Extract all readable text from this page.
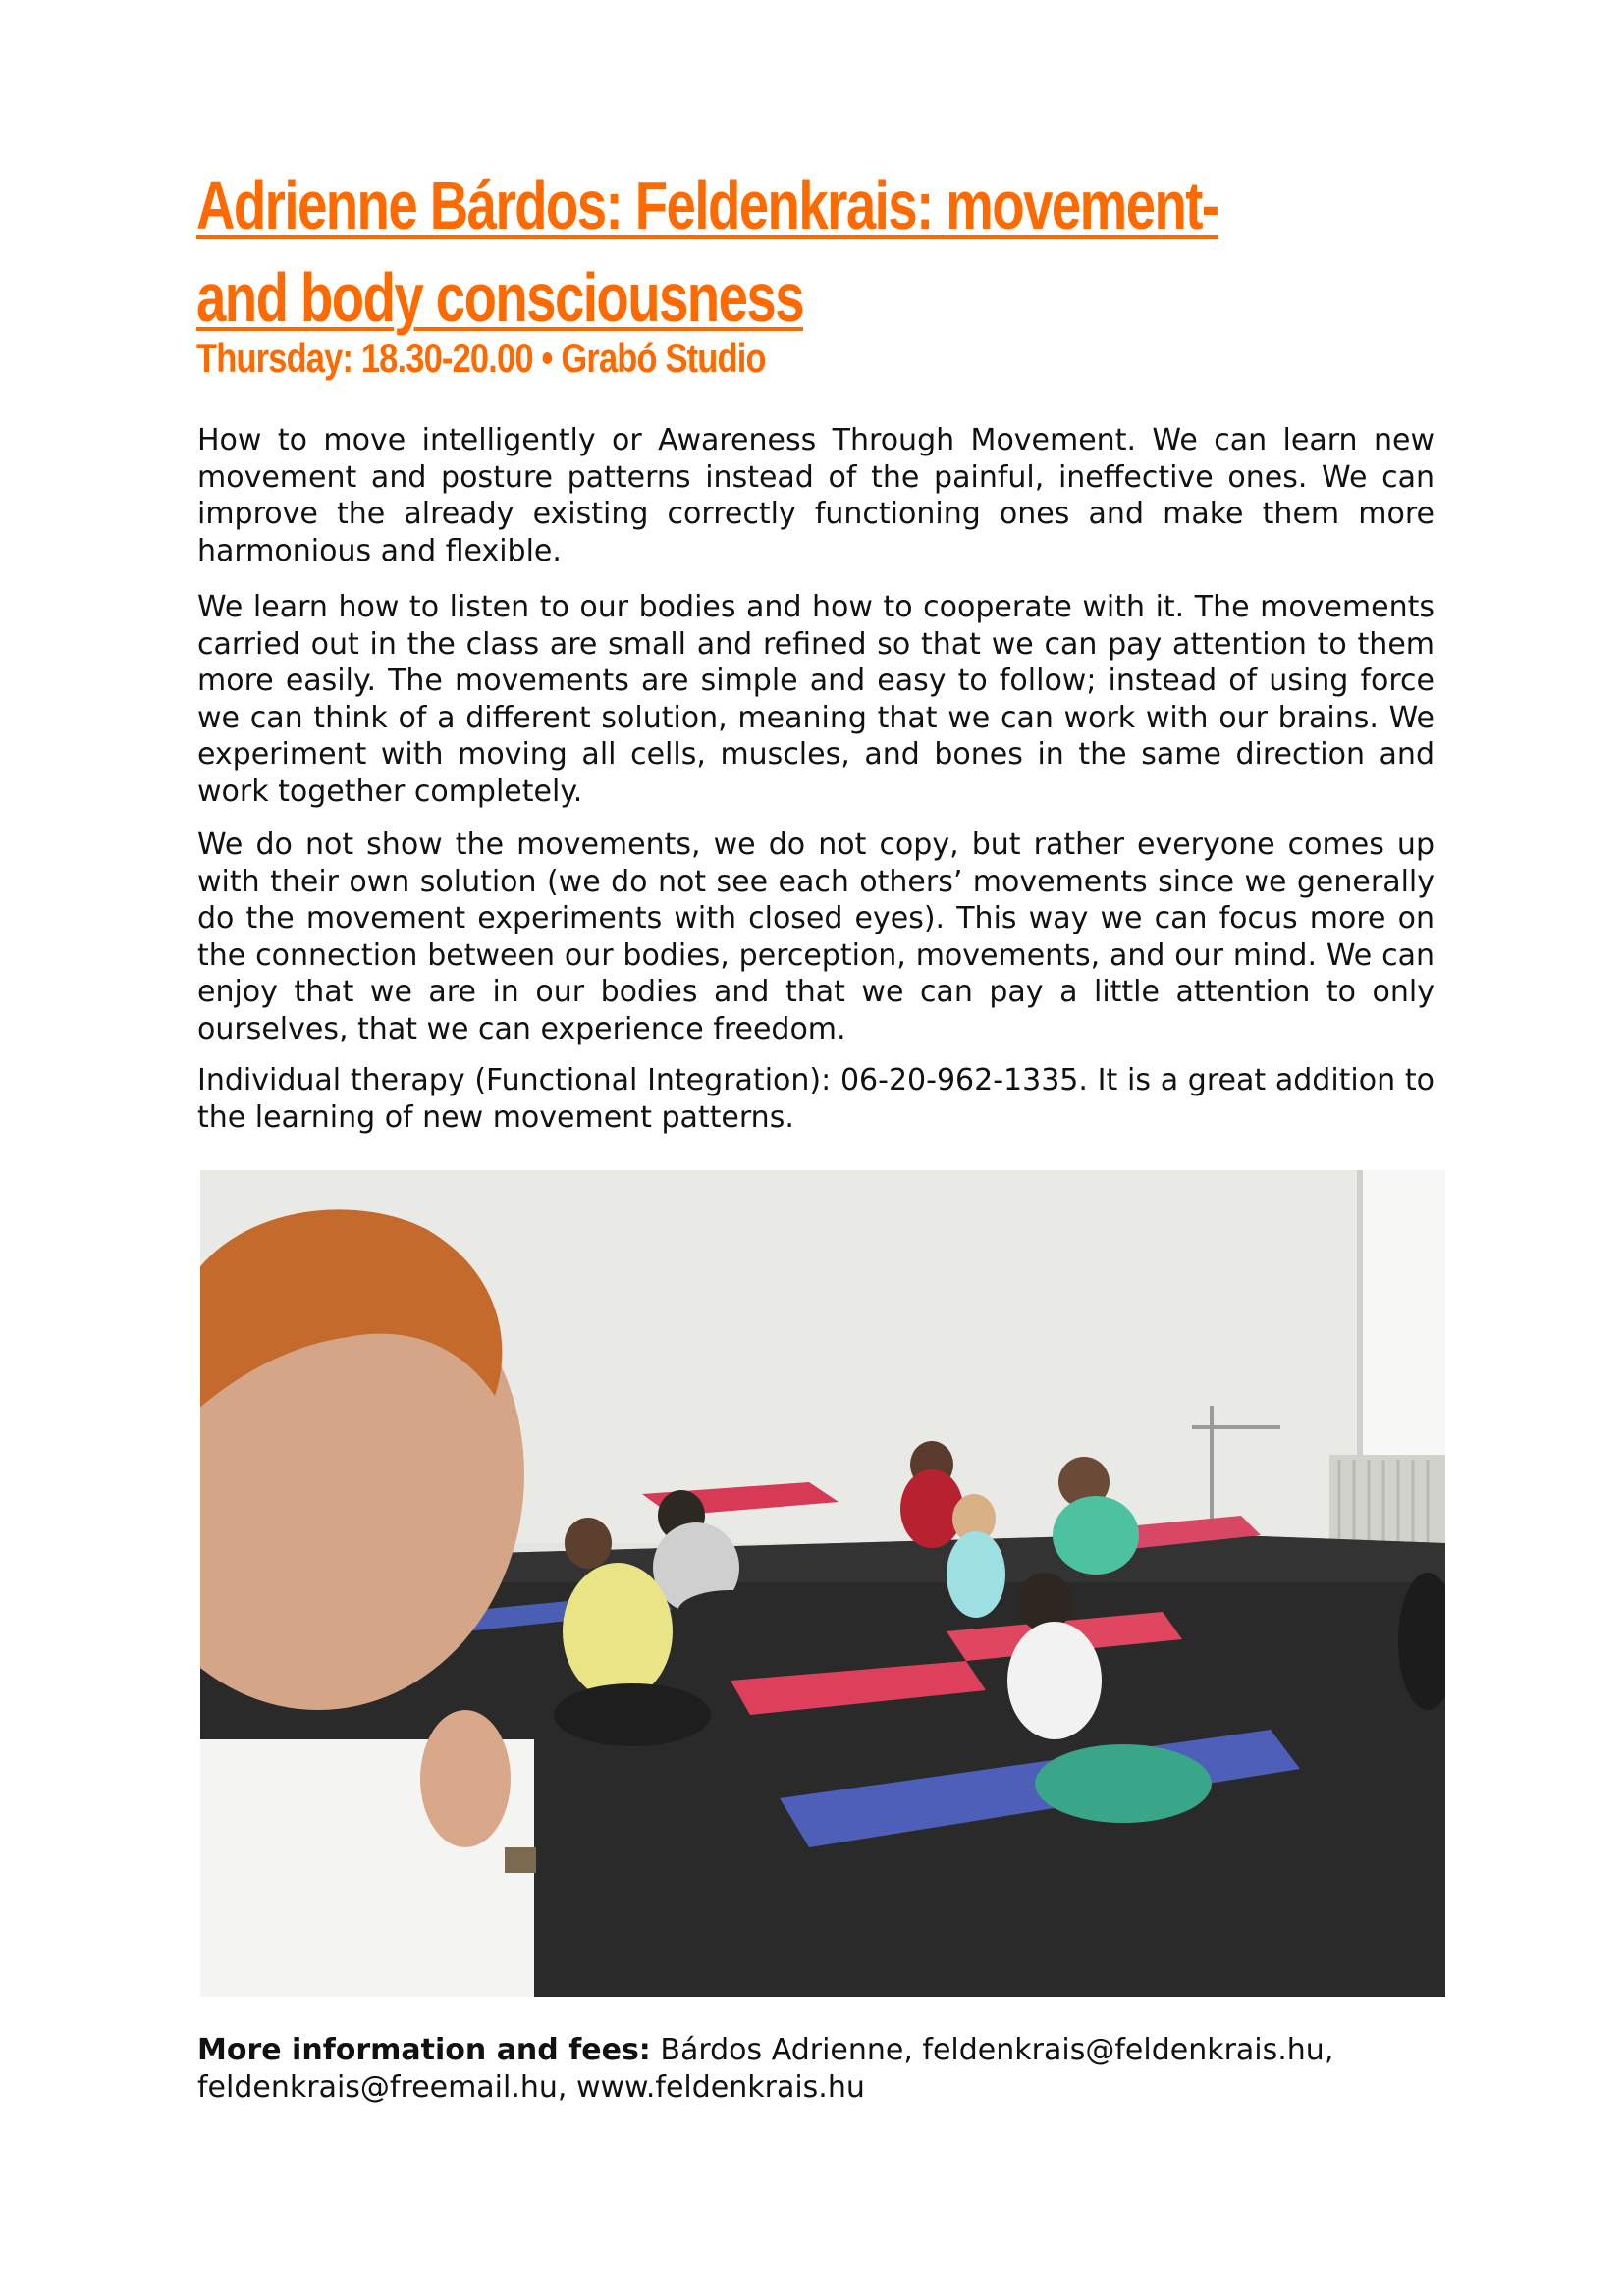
Adrienne Bárdos: Feldenkrais: movement-
and body consciousness
Thursday: 18.30-20.00 • Grabó Studio

How to move intelligently or Awareness Through Movement. We can learn new movement and posture patterns instead of the painful, ineffective ones. We can improve the already existing correctly functioning ones and make them more harmonious and flexible.

We learn how to listen to our bodies and how to cooperate with it. The movements carried out in the class are small and refined so that we can pay attention to them more easily. The movements are simple and easy to follow; instead of using force we can think of a different solution, meaning that we can work with our brains. We experiment with moving all cells, muscles, and bones in the same direction and work together completely.

We do not show the movements, we do not copy, but rather everyone comes up with their own solution (we do not see each others’ movements since we generally do the movement experiments with closed eyes). This way we can focus more on the connection between our bodies, perception, movements, and our mind. We can enjoy that we are in our bodies and that we can pay a little attention to only ourselves, that we can experience freedom.

Individual therapy (Functional Integration): 06-20-962-1335. It is a great addition to the learning of new movement patterns.

More information and fees: Bárdos Adrienne, feldenkrais@feldenkrais.hu,
feldenkrais@freemail.hu, www.feldenkrais.hu
